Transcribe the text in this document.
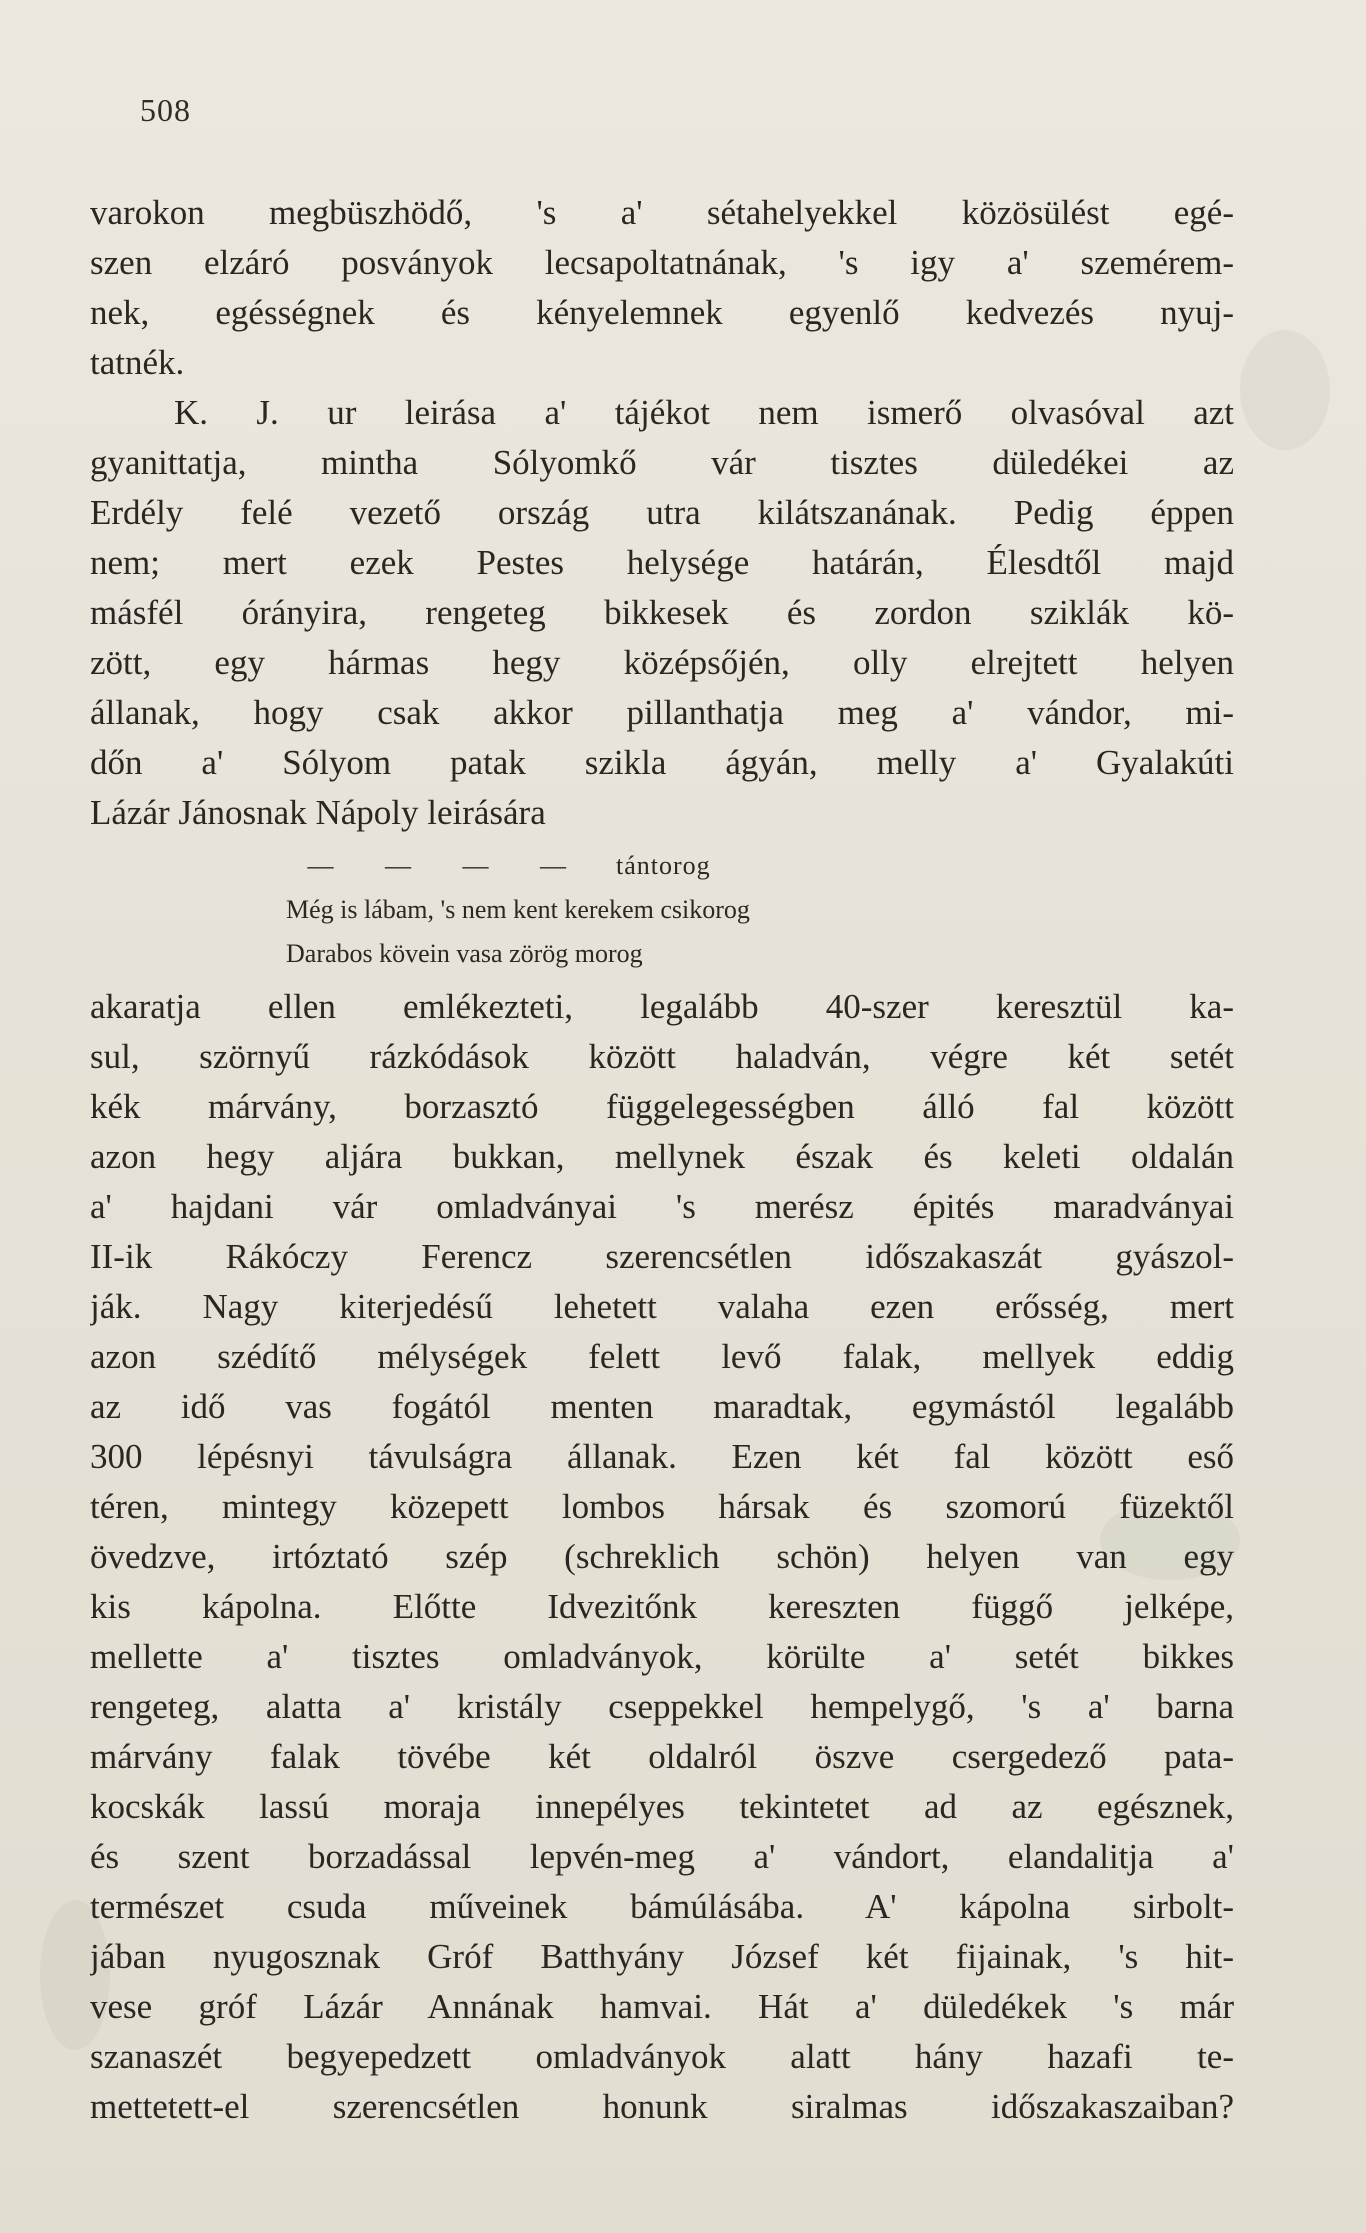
508
varokon megbüszhödő, 's a' sétahelyekkel közösülést egé-
szen elzáró posványok lecsapoltatnának, 's igy a' szemérem-
nek, egésségnek és kényelemnek egyenlő kedvezés nyuj-
tatnék.
K. J. ur leirása a' tájékot nem ismerő olvasóval azt
gyanittatja, mintha Sólyomkő vár tisztes düledékei az
Erdély felé vezető ország utra kilátszanának. Pedig éppen
nem; mert ezek Pestes helysége határán, Élesdtől majd
másfél órányira, rengeteg bikkesek és zordon sziklák kö-
zött, egy hármas hegy középsőjén, olly elrejtett helyen
állanak, hogy csak akkor pillanthatja meg a' vándor, mi-
dőn a' Sólyom patak szikla ágyán, melly a' Gyalakúti
Lázár Jánosnak Nápoly leirására
— — — — tántorog
Még is lábam, 's nem kent kerekem csikorog
Darabos kövein vasa zörög morog
akaratja ellen emlékezteti, legalább 40-szer keresztül ka-
sul, szörnyű rázkódások között haladván, végre két setét
kék márvány, borzasztó függelegességben álló fal között
azon hegy aljára bukkan, mellynek észak és keleti oldalán
a' hajdani vár omladványai 's merész épités maradványai
II-ik Rákóczy Ferencz szerencsétlen időszakaszát gyászol-
ják. Nagy kiterjedésű lehetett valaha ezen erősség, mert
azon szédítő mélységek felett levő falak, mellyek eddig
az idő vas fogától menten maradtak, egymástól legalább
300 lépésnyi távulságra állanak. Ezen két fal között eső
téren, mintegy közepett lombos hársak és szomorú füzektől
övedzve, irtóztató szép (schreklich schön) helyen van egy
kis kápolna. Előtte Idvezitőnk kereszten függő jelképe,
mellette a' tisztes omladványok, körülte a' setét bikkes
rengeteg, alatta a' kristály cseppekkel hempelygő, 's a' barna
márvány falak tövébe két oldalról öszve csergedező pata-
kocskák lassú moraja innepélyes tekintetet ad az egésznek,
és szent borzadással lepvén-meg a' vándort, elandalitja a'
természet csuda műveinek bámúlásába. A' kápolna sirbolt-
jában nyugosznak Gróf Batthyány József két fijainak, 's hit-
vese gróf Lázár Annának hamvai. Hát a' düledékek 's már
szanaszét begyepedzett omladványok alatt hány hazafi te-
mettetett-el szerencsétlen honunk siralmas időszakaszaiban?
